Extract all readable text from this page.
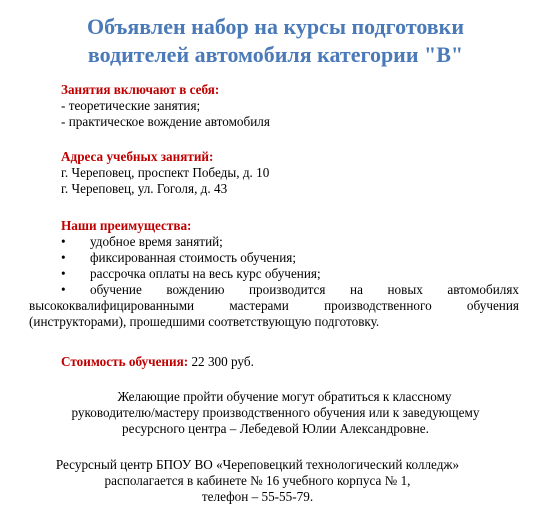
Объявлен набор на курсы подготовки
водителей автомобиля категории "В"
Занятия включают в себя:
- теоретические занятия;
- практическое вождение автомобиля
Адреса учебных занятий:
г. Череповец, проспект Победы, д. 10
г. Череповец, ул. Гоголя, д. 43
Наши преимущества:
• удобное время занятий;
• фиксированная стоимость обучения;
• рассрочка оплаты на весь курс обучения;
• обучение вождению производится на новых автомобилях
высококвалифицированными мастерами производственного обучения
(инструкторами), прошедшими соответствующую подготовку.
Стоимость обучения: 22 300 руб.
Желающие пройти обучение могут обратиться к классному
руководителю/мастеру производственного обучения или к заведующему
ресурсного центра – Лебедевой Юлии Александровне.
Ресурсный центр БПОУ ВО «Череповецкий технологический колледж»
располагается в кабинете № 16 учебного корпуса № 1,
телефон – 55-55-79.
